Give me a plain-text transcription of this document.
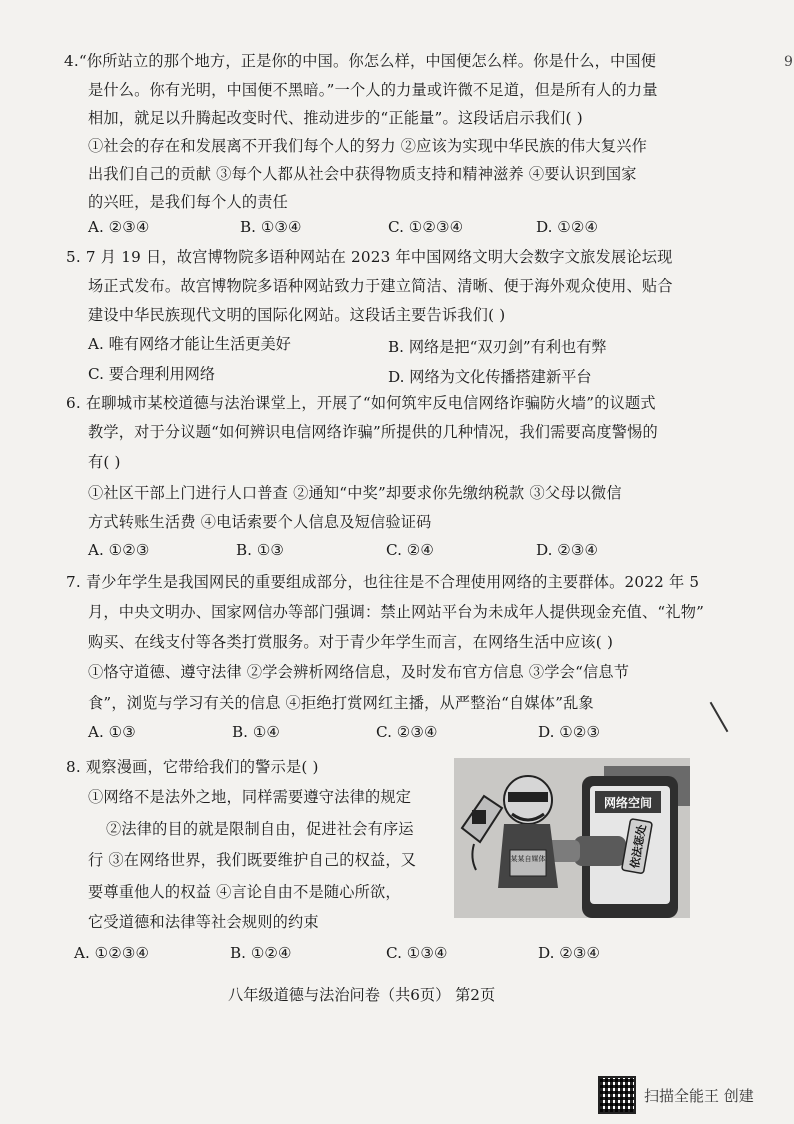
9
4.“你所站立的那个地方，正是你的中国。你怎么样，中国便怎么样。你是什么，中国便
是什么。你有光明，中国便不黑暗。”一个人的力量或许微不足道，但是所有人的力量
相加，就足以升腾起改变时代、推动进步的“正能量”。这段话启示我们( )
①社会的存在和发展离不开我们每个人的努力 ②应该为实现中华民族的伟大复兴作
出我们自己的贡献 ③每个人都从社会中获得物质支持和精神滋养 ④要认识到国家
的兴旺，是我们每个人的责任
A. ②③④	B. ①③④	C. ①②③④	D. ①②④
5. 7 月 19 日，故宫博物院多语种网站在 2023 年中国网络文明大会数字文旅发展论坛现
场正式发布。故宫博物院多语种网站致力于建立简洁、清晰、便于海外观众使用、贴合
建设中华民族现代文明的国际化网站。这段话主要告诉我们( )
A. 唯有网络才能让生活更美好	B. 网络是把“双刃剑”有利也有弊
C. 要合理利用网络	D. 网络为文化传播搭建新平台
6. 在聊城市某校道德与法治课堂上，开展了“如何筑牢反电信网络诈骗防火墙”的议题式
教学，对于分议题“如何辨识电信网络诈骗”所提供的几种情况，我们需要高度警惕的
有( )
①社区干部上门进行人口普查 ②通知“中奖”却要求你先缴纳税款 ③父母以微信
方式转账生活费 ④电话索要个人信息及短信验证码
A. ①②③	B. ①③	C. ②④	D. ②③④
7. 青少年学生是我国网民的重要组成部分，也往往是不合理使用网络的主要群体。2022 年 5
月，中央文明办、国家网信办等部门强调：禁止网站平台为未成年人提供现金充值、“礼物”
购买、在线支付等各类打赏服务。对于青少年学生而言，在网络生活中应该( )
①恪守道德、遵守法律 ②学会辨析网络信息，及时发布官方信息 ③学会“信息节
食”，浏览与学习有关的信息 ④拒绝打赏网红主播，从严整治“自媒体”乱象
A. ①③	B. ①④	C. ②③④	D. ①②③
8. 观察漫画，它带给我们的警示是( )
①网络不是法外之地，同样需要遵守法律的规定
②法律的目的就是限制自由，促进社会有序运
行 ③在网络世界，我们既要维护自己的权益，又
要尊重他人的权益 ④言论自由不是随心所欲，
它受道德和法律等社会规则的约束
A. ①②③④	B. ①②④	C. ①③④	D. ②③④
网络空间
依法惩处
某某自媒体
八年级道德与法治问卷（共6页） 第2页
扫描全能王 创建
